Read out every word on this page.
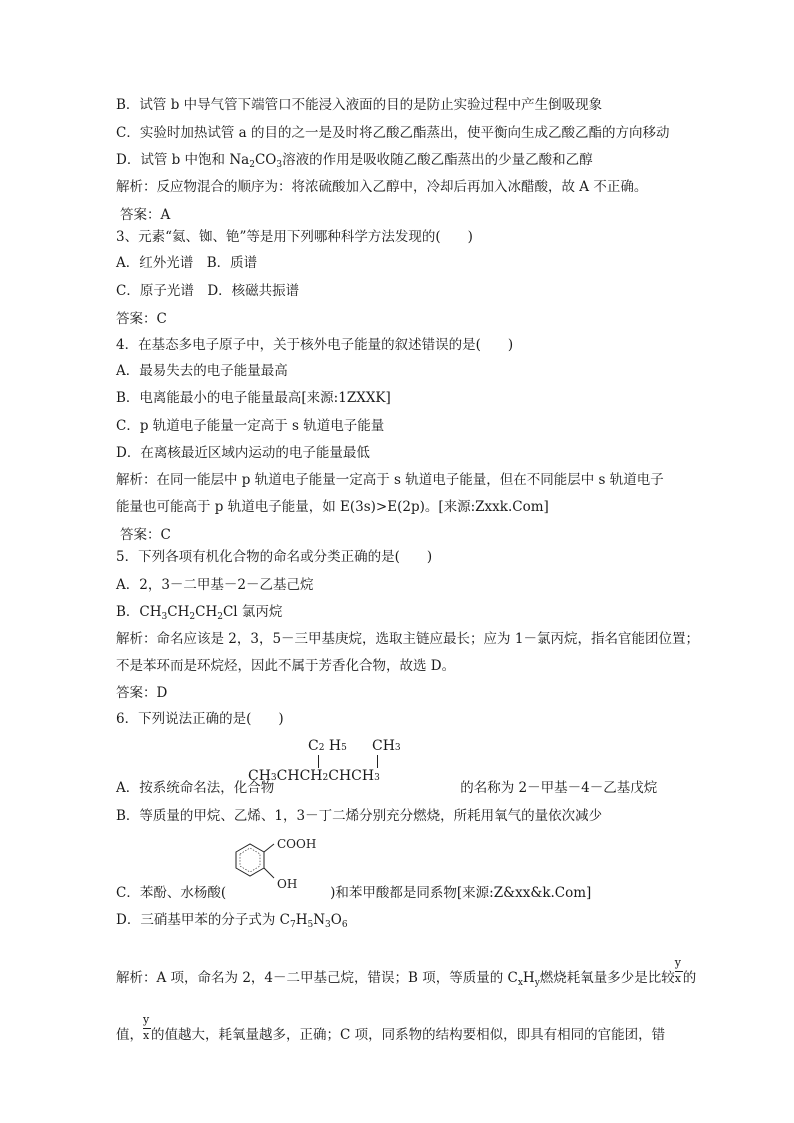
B．试管 b 中导气管下端管口不能浸入液面的目的是防止实验过程中产生倒吸现象
C．实验时加热试管 a 的目的之一是及时将乙酸乙酯蒸出，使平衡向生成乙酸乙酯的方向移动
D．试管 b 中饱和 $Na_2CO_3$溶液的作用是吸收随乙酸乙酯蒸出的少量乙酸和乙醇
解析：反应物混合的顺序为：将浓硫酸加入乙醇中，冷却后再加入冰醋酸，故 A 不正确。
答案：A
3、元素“氦、铷、铯”等是用下列哪种科学方法发现的(　　)
A．红外光谱　B．质谱
C．原子光谱　D．核磁共振谱
答案：C
4．在基态多电子原子中，关于核外电子能量的叙述错误的是(　　)
A．最易失去的电子能量最高
B．电离能最小的电子能量最高[来源:1ZXXK]
C．p 轨道电子能量一定高于 s 轨道电子能量
D．在离核最近区域内运动的电子能量最低
解析：在同一能层中 p 轨道电子能量一定高于 s 轨道电子能量，但在不同能层中 s 轨道电子
能量也可能高于 p 轨道电子能量，如 E(3s)>E(2p)。[来源:Zxxk.Com]
答案：C
5．下列各项有机化合物的命名或分类正确的是(　　)
A．2，3－二甲基－2－乙基己烷
B．$CH_3CH_2CH_2Cl$ 氯丙烷
解析：命名应该是 2，3，5－三甲基庚烷，选取主链应最长；应为 1－氯丙烷，指名官能团位置；
不是苯环而是环烷烃，因此不属于芳香化合物，故选 D。
答案：D
6．下列说法正确的是(　　)
C2 H5 CH3
CH3CHCH2CHCH3
A．按系统命名法，化合物	的名称为 2－甲基－4－乙基戊烷
B．等质量的甲烷、乙烯、1，3－丁二烯分别充分燃烧，所耗用氧气的量依次减少
COOH
OH
C．苯酚、水杨酸(	)和苯甲酸都是同系物[来源:Z&xx&k.Com]
D．三硝基甲苯的分子式为 $C_7H_5N_3O_6$
解析：A 项，命名为 2，4－二甲基己烷，错误；B 项，等质量的 $C_xH_y$燃烧耗氧量多少是比较 $\frac{y}{x}$ 的
值， $\frac{y}{x}$ 的值越大，耗氧量越多，正确；C 项，同系物的结构要相似，即具有相同的官能团，错
